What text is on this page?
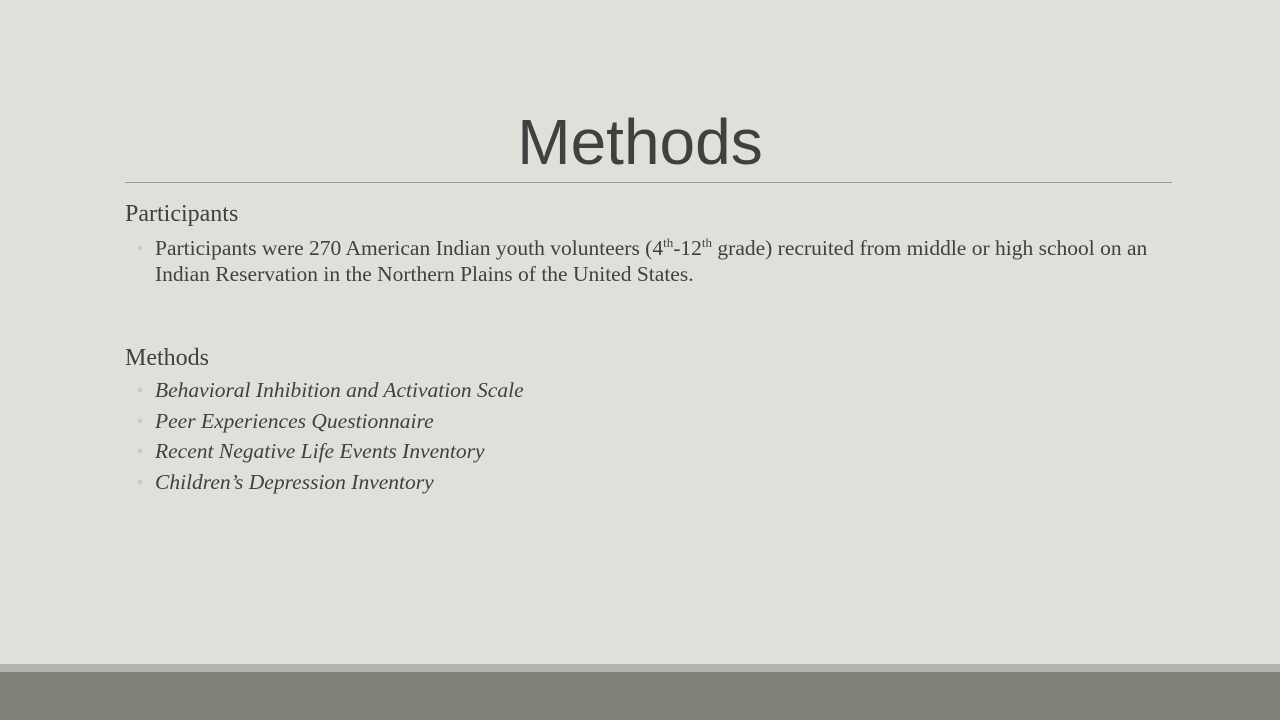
Methods

Participants

◦ Participants were 270 American Indian youth volunteers (4th-12th grade) recruited from middle or high school on an Indian Reservation in the Northern Plains of the United States.

Methods

◦ Behavioral Inhibition and Activation Scale
◦ Peer Experiences Questionnaire
◦ Recent Negative Life Events Inventory
◦ Children’s Depression Inventory
